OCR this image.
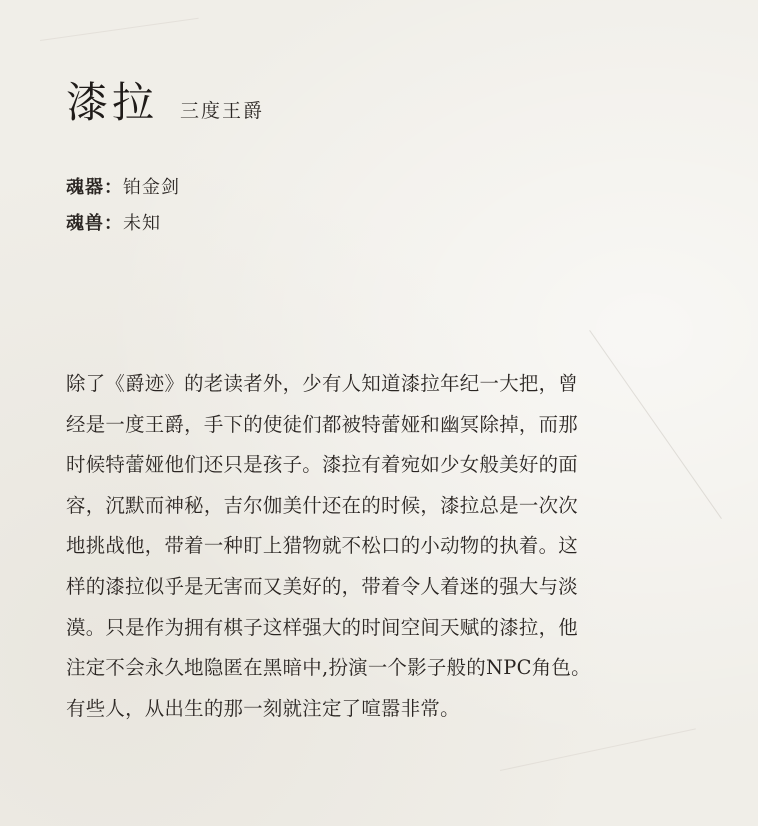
漆拉 三度王爵
魂器：铂金剑
魂兽：未知
除了《爵迹》的老读者外，少有人知道漆拉年纪一大把，曾
经是一度王爵，手下的使徒们都被特蕾娅和幽冥除掉，而那
时候特蕾娅他们还只是孩子。漆拉有着宛如少女般美好的面
容，沉默而神秘，吉尔伽美什还在的时候，漆拉总是一次次
地挑战他，带着一种盯上猎物就不松口的小动物的执着。这
样的漆拉似乎是无害而又美好的，带着令人着迷的强大与淡
漠。只是作为拥有棋子这样强大的时间空间天赋的漆拉，他
注定不会永久地隐匿在黑暗中,扮演一个影子般的NPC角色。
有些人，从出生的那一刻就注定了喧嚣非常。
